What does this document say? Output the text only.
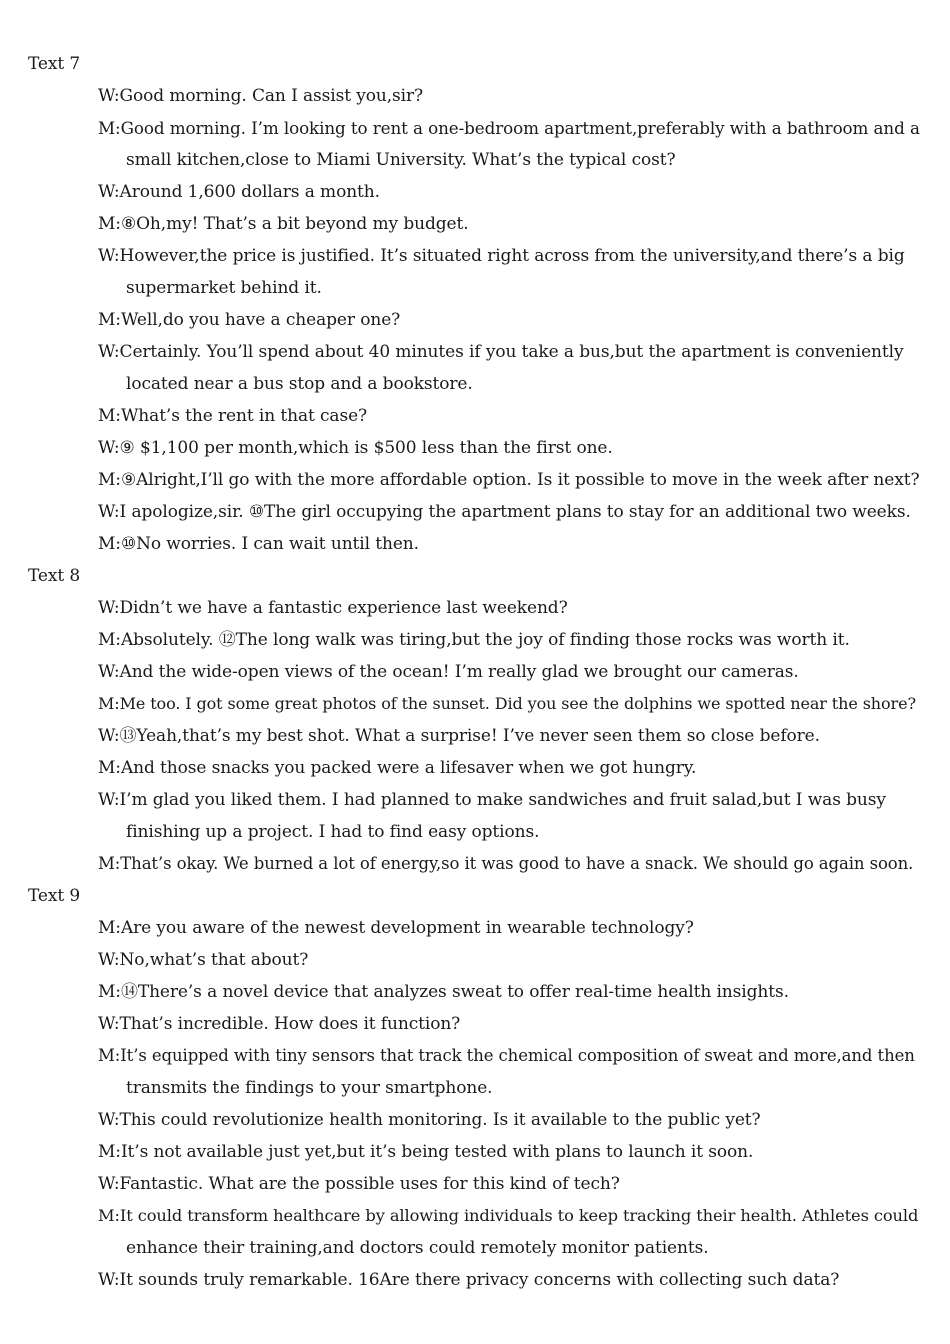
Text 7
W:Good morning. Can I assist you,sir?
M:Good morning. I’m looking to rent a one-bedroom apartment,preferably with a bathroom and a
small kitchen,close to Miami University. What’s the typical cost?
W:Around 1,600 dollars a month.
M:⑧Oh,my! That’s a bit beyond my budget.
W:However,the price is justified. It’s situated right across from the university,and there’s a big
supermarket behind it.
M:Well,do you have a cheaper one?
W:Certainly. You’ll spend about 40 minutes if you take a bus,but the apartment is conveniently
located near a bus stop and a bookstore.
M:What’s the rent in that case?
W:⑨ $1,100 per month,which is $500 less than the first one.
M:⑨Alright,I’ll go with the more affordable option. Is it possible to move in the week after next?
W:I apologize,sir. ⑩The girl occupying the apartment plans to stay for an additional two weeks.
M:⑩No worries. I can wait until then.
Text 8
W:Didn’t we have a fantastic experience last weekend?
M:Absolutely. ⑫The long walk was tiring,but the joy of finding those rocks was worth it.
W:And the wide-open views of the ocean! I’m really glad we brought our cameras.
M:Me too. I got some great photos of the sunset. Did you see the dolphins we spotted near the shore?
W:⑬Yeah,that’s my best shot. What a surprise! I’ve never seen them so close before.
M:And those snacks you packed were a lifesaver when we got hungry.
W:I’m glad you liked them. I had planned to make sandwiches and fruit salad,but I was busy
finishing up a project. I had to find easy options.
M:That’s okay. We burned a lot of energy,so it was good to have a snack. We should go again soon.
Text 9
M:Are you aware of the newest development in wearable technology?
W:No,what’s that about?
M:⑭There’s a novel device that analyzes sweat to offer real-time health insights.
W:That’s incredible. How does it function?
M:It’s equipped with tiny sensors that track the chemical composition of sweat and more,and then
transmits the findings to your smartphone.
W:This could revolutionize health monitoring. Is it available to the public yet?
M:It’s not available just yet,but it’s being tested with plans to launch it soon.
W:Fantastic. What are the possible uses for this kind of tech?
M:It could transform healthcare by allowing individuals to keep tracking their health. Athletes could
enhance their training,and doctors could remotely monitor patients.
W:It sounds truly remarkable. 16Are there privacy concerns with collecting such data?
